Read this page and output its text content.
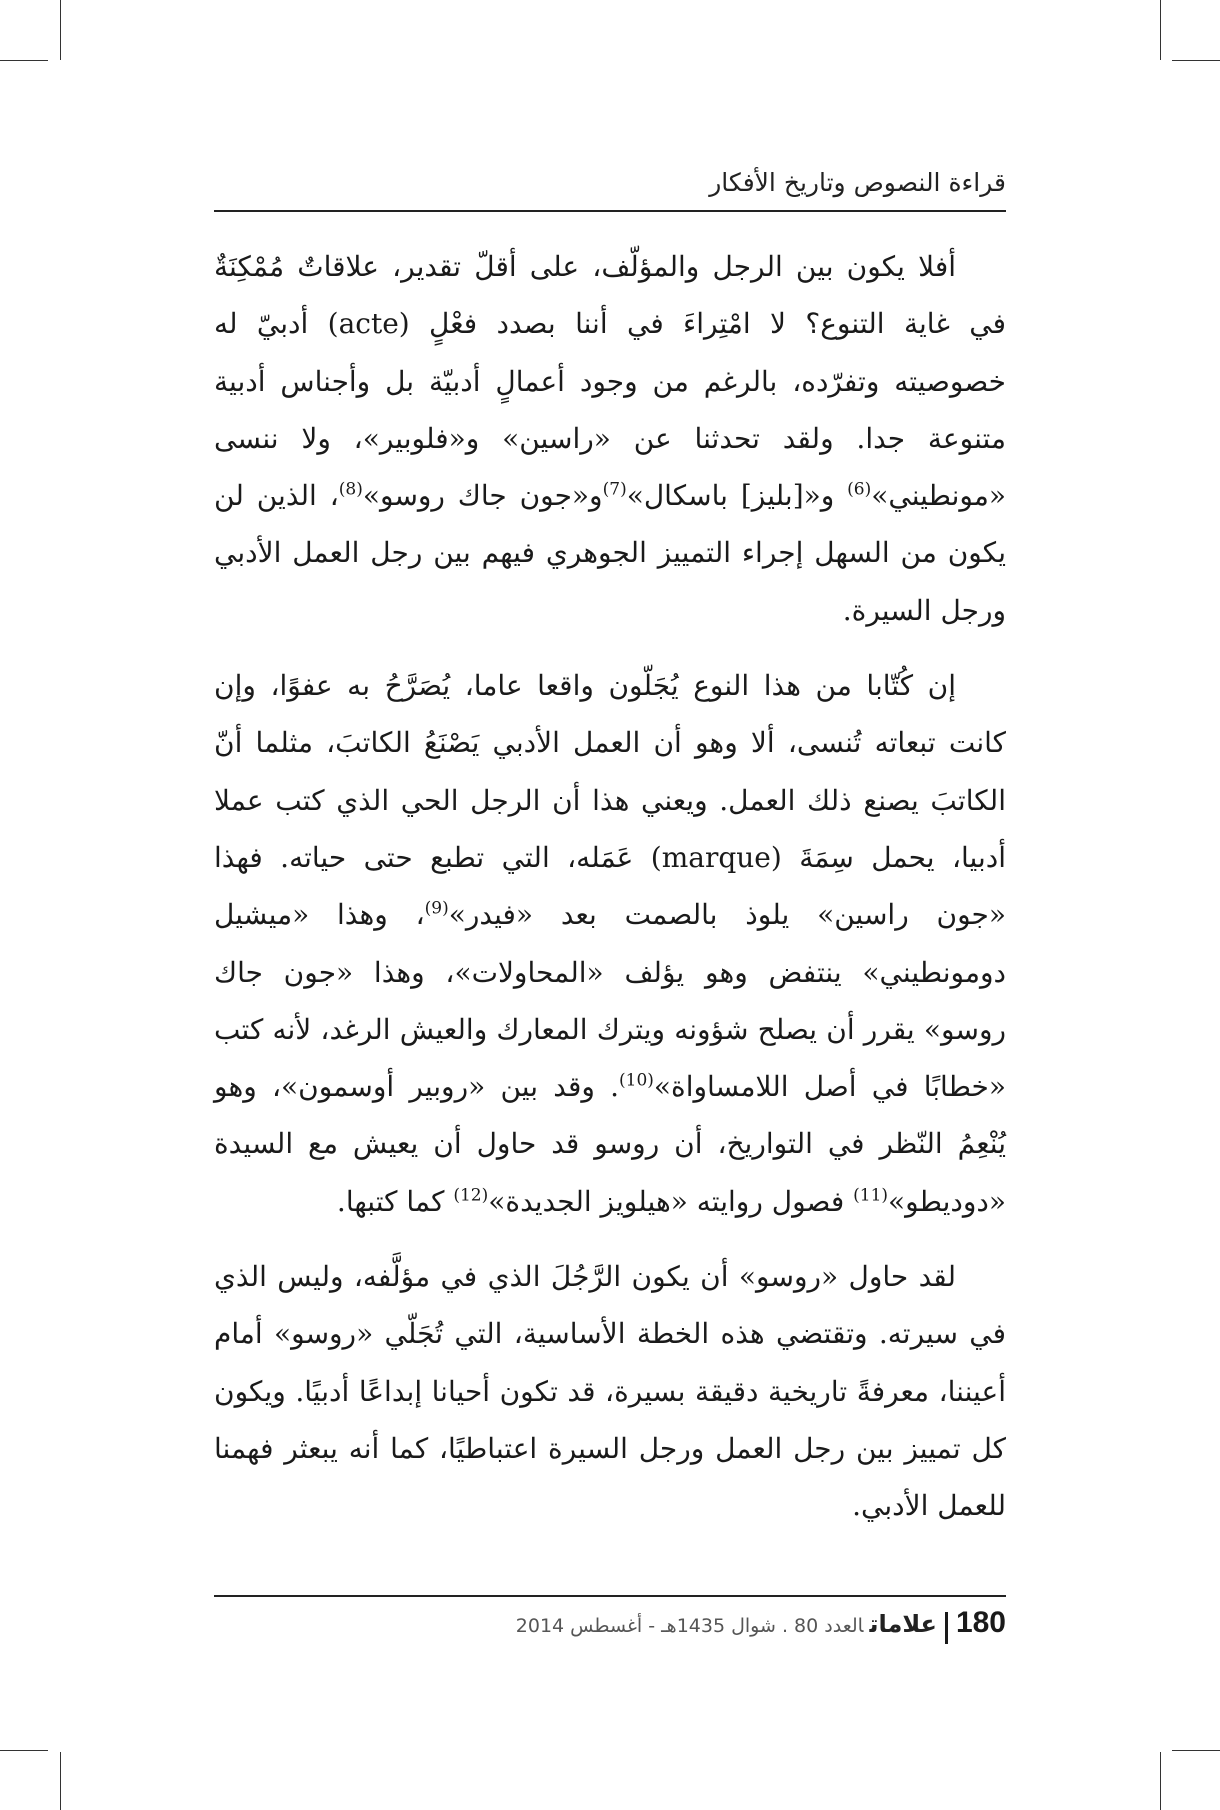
قراءة النصوص وتاريخ الأفكار

أفلا يكون بين الرجل والمؤلّف، على أقلّ تقدير، علاقاتٌ مُمْكِنَةٌ في غاية التنوع؟ لا امْتِراءَ في أننا بصدد فعْلٍ (acte) أدبيّ له خصوصيته وتفرّده، بالرغم من وجود أعمالٍ أدبيّة بل وأجناس أدبية متنوعة جدا. ولقد تحدثنا عن «راسين» و«فلوبير»، ولا ننسى «مونطيني»$^{(6)}$ و«[بليز] باسكال»$^{(7)}$و«جون جاك روسو»$^{(8)}$، الذين لن يكون من السهل إجراء التمييز الجوهري فيهم بين رجل العمل الأدبي ورجل السيرة.

إن كُتّابا من هذا النوع يُجَلّون واقعا عاما، يُصَرَّحُ به عفوًا، وإن كانت تبعاته تُنسى، ألا وهو أن العمل الأدبي يَصْنَعُ الكاتبَ، مثلما أنّ الكاتبَ يصنع ذلك العمل. ويعني هذا أن الرجل الحي الذي كتب عملا أدبيا، يحمل سِمَةَ (marque) عَمَله، التي تطبع حتى حياته. فهذا «جون راسين» يلوذ بالصمت بعد «فيدر»$^{(9)}$، وهذا «ميشيل دومونطيني» ينتفض وهو يؤلف «المحاولات»، وهذا «جون جاك روسو» يقرر أن يصلح شؤونه ويترك المعارك والعيش الرغد، لأنه كتب «خطابًا في أصل اللامساواة»$^{(10)}$. وقد بين «روبير أوسمون»، وهو يُنْعِمُ النّظر في التواريخ، أن روسو قد حاول أن يعيش مع السيدة «دوديطو»$^{(11)}$ فصول روايته «هيلويز الجديدة»$^{(12)}$ كما كتبها.

لقد حاول «روسو» أن يكون الرَّجُلَ الذي في مؤلَّفه، وليس الذي في سيرته. وتقتضي هذه الخطة الأساسية، التي تُجَلّي «روسو» أمام أعيننا، معرفةً تاريخية دقيقة بسيرة، قد تكون أحيانا إبداعًا أدبيًا. ويكون كل تمييز بين رجل العمل ورجل السيرة اعتباطيًا، كما أنه يبعثر فهمنا للعمل الأدبي.

180علاماتالعدد 80 . شوال 1435هـ - أغسطس 2014
